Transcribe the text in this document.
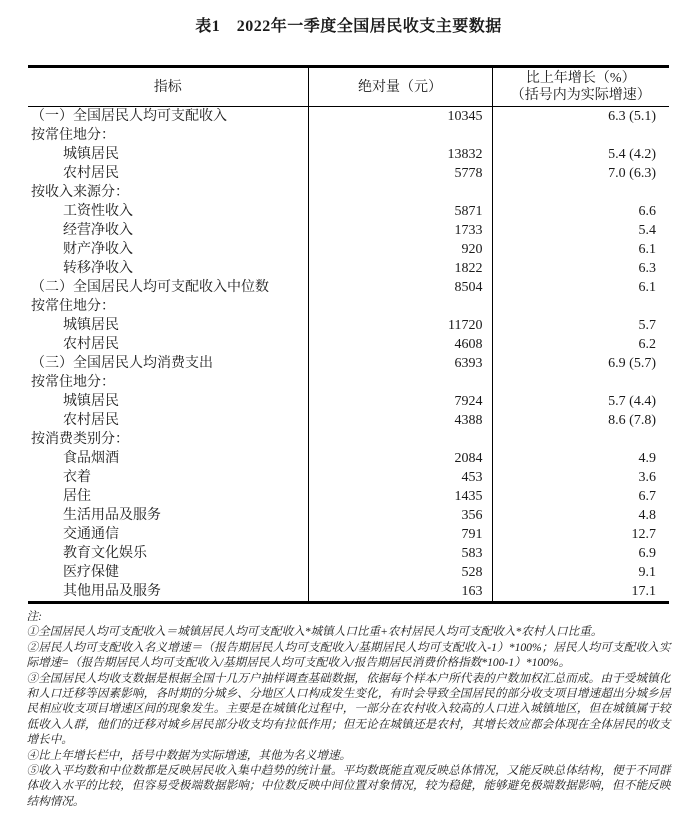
表1　2022年一季度全国居民收支主要数据
指标	绝对量（元）	比上年增长（%）
（括号内为实际增速）

（一）全国居民人均可支配收入	10345	6.3 (5.1)
按常住地分：		
城镇居民	13832	5.4 (4.2)
农村居民	5778	7.0 (6.3)
按收入来源分：		
工资性收入	5871	6.6
经营净收入	1733	5.4
财产净收入	920	6.1
转移净收入	1822	6.3
（二）全国居民人均可支配收入中位数	8504	6.1
按常住地分：		
城镇居民	11720	5.7
农村居民	4608	6.2
（三）全国居民人均消费支出	6393	6.9 (5.7)
按常住地分：		
城镇居民	7924	5.7 (4.4)
农村居民	4388	8.6 (7.8)
按消费类别分：		
食品烟酒	2084	4.9
衣着	453	3.6
居住	1435	6.7
生活用品及服务	356	4.8
交通通信	791	12.7
教育文化娱乐	583	6.9
医疗保健	528	9.1
其他用品及服务	163	17.1

注:

①全国居民人均可支配收入＝城镇居民人均可支配收入*城镇人口比重+农村居民人均可支配收入*农村人口比重。

②居民人均可支配收入名义增速＝（报告期居民人均可支配收入/基期居民人均可支配收入-1）*100%；居民人均可支配收入实际增速=（报告期居民人均可支配收入/基期居民人均可支配收入/报告期居民消费价格指数*100-1）*100%。

③全国居民人均收支数据是根据全国十几万户抽样调查基础数据，依据每个样本户所代表的户数加权汇总而成。由于受城镇化和人口迁移等因素影响，各时期的分城乡、分地区人口构成发生变化，有时会导致全国居民的部分收支项目增速超出分城乡居民相应收支项目增速区间的现象发生。主要是在城镇化过程中，一部分在农村收入较高的人口进入城镇地区，但在城镇属于较低收入人群，他们的迁移对城乡居民部分收支均有拉低作用；但无论在城镇还是农村，其增长效应都会体现在全体居民的收支增长中。

④比上年增长栏中，括号中数据为实际增速，其他为名义增速。

⑤收入平均数和中位数都是反映居民收入集中趋势的统计量。平均数既能直观反映总体情况，又能反映总体结构，便于不同群体收入水平的比较，但容易受极端数据影响；中位数反映中间位置对象情况，较为稳健，能够避免极端数据影响，但不能反映结构情况。
